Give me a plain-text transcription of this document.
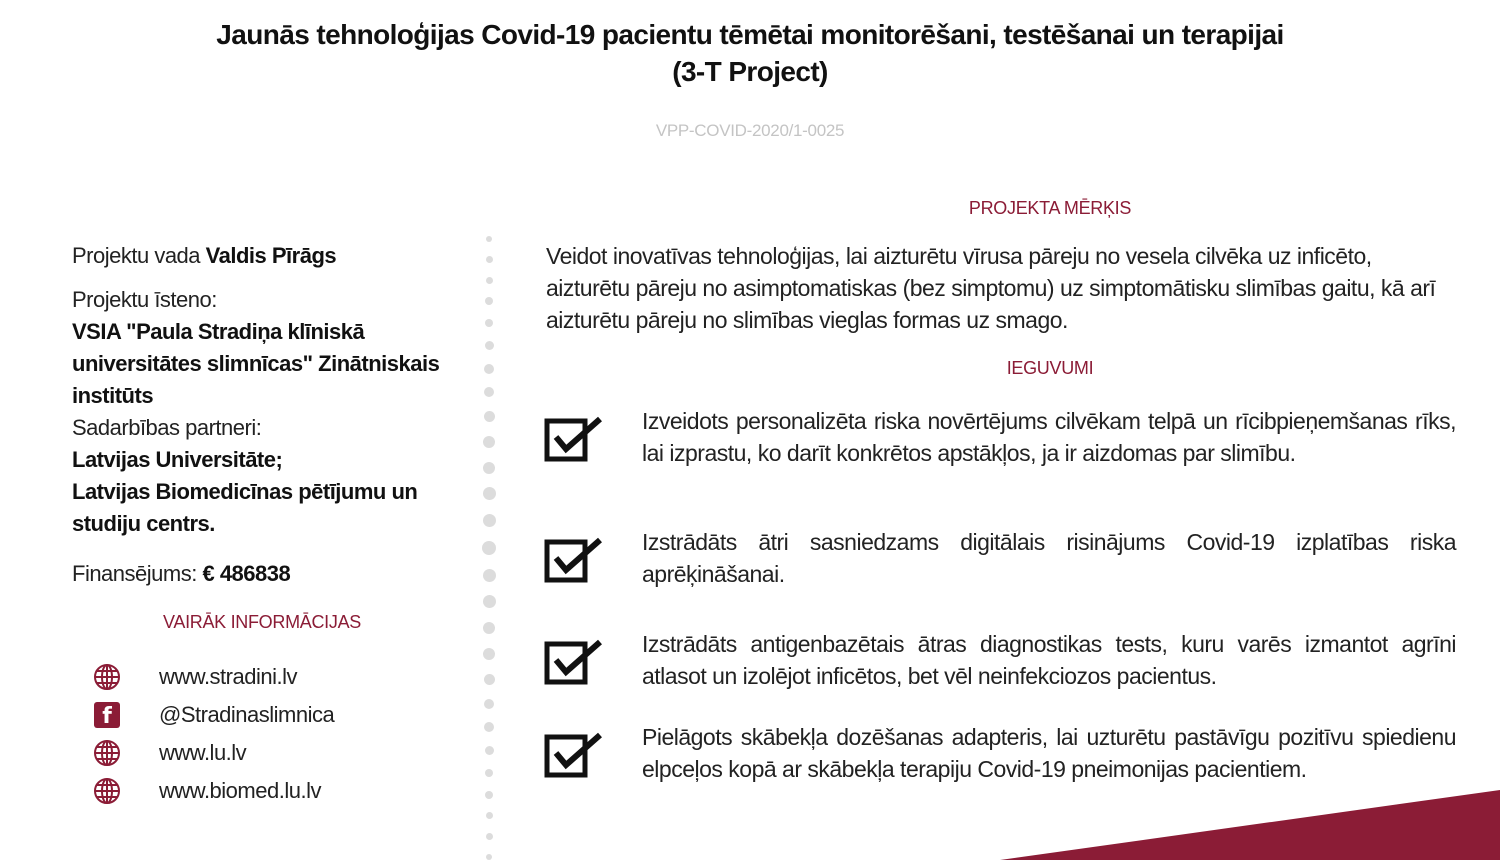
Jaunās tehnoloģijas Covid-19 pacientu tēmētai monitorēšani, testēšanai un terapijai
(3-T Project)
VPP-COVID-2020/1-0025
Projektu vada Valdis Pīrāgs
Projektu īsteno:
VSIA "Paula Stradiņa klīniskā universitātes slimnīcas" Zinātniskais institūts
Sadarbības partneri:
Latvijas Universitāte;
Latvijas Biomedicīnas pētījumu un studiju centrs.
Finansējums: € 486838
VAIRĀK INFORMĀCIJAS
www.stradini.lv
f	@Stradinaslimnica
www.lu.lv
www.biomed.lu.lv
PROJEKTA MĒRĶIS
Veidot inovatīvas tehnoloģijas, lai aizturētu vīrusa pāreju no vesela cilvēka uz inficēto, aizturētu pāreju no asimptomatiskas (bez simptomu) uz simptomātisku slimības gaitu, kā arī aizturētu pāreju no slimības vieglas formas uz smago.
IEGUVUMI
Izveidots personalizēta riska novērtējums cilvēkam telpā un rīcibpieņemšanas rīks, lai izprastu, ko darīt konkrētos apstākļos, ja ir aizdomas par slimību.
Izstrādāts ātri sasniedzams digitālais risinājums Covid-19 izplatības riska aprēķināšanai.
Izstrādāts antigenbazētais ātras diagnostikas tests, kuru varēs izmantot agrīni atlasot un izolējot inficētos, bet vēl neinfekciozos pacientus.
Pielāgots skābekļa dozēšanas adapteris, lai uzturētu pastāvīgu pozitīvu spiedienu elpceļos kopā ar skābekļa terapiju Covid-19 pneimonijas pacientiem.
